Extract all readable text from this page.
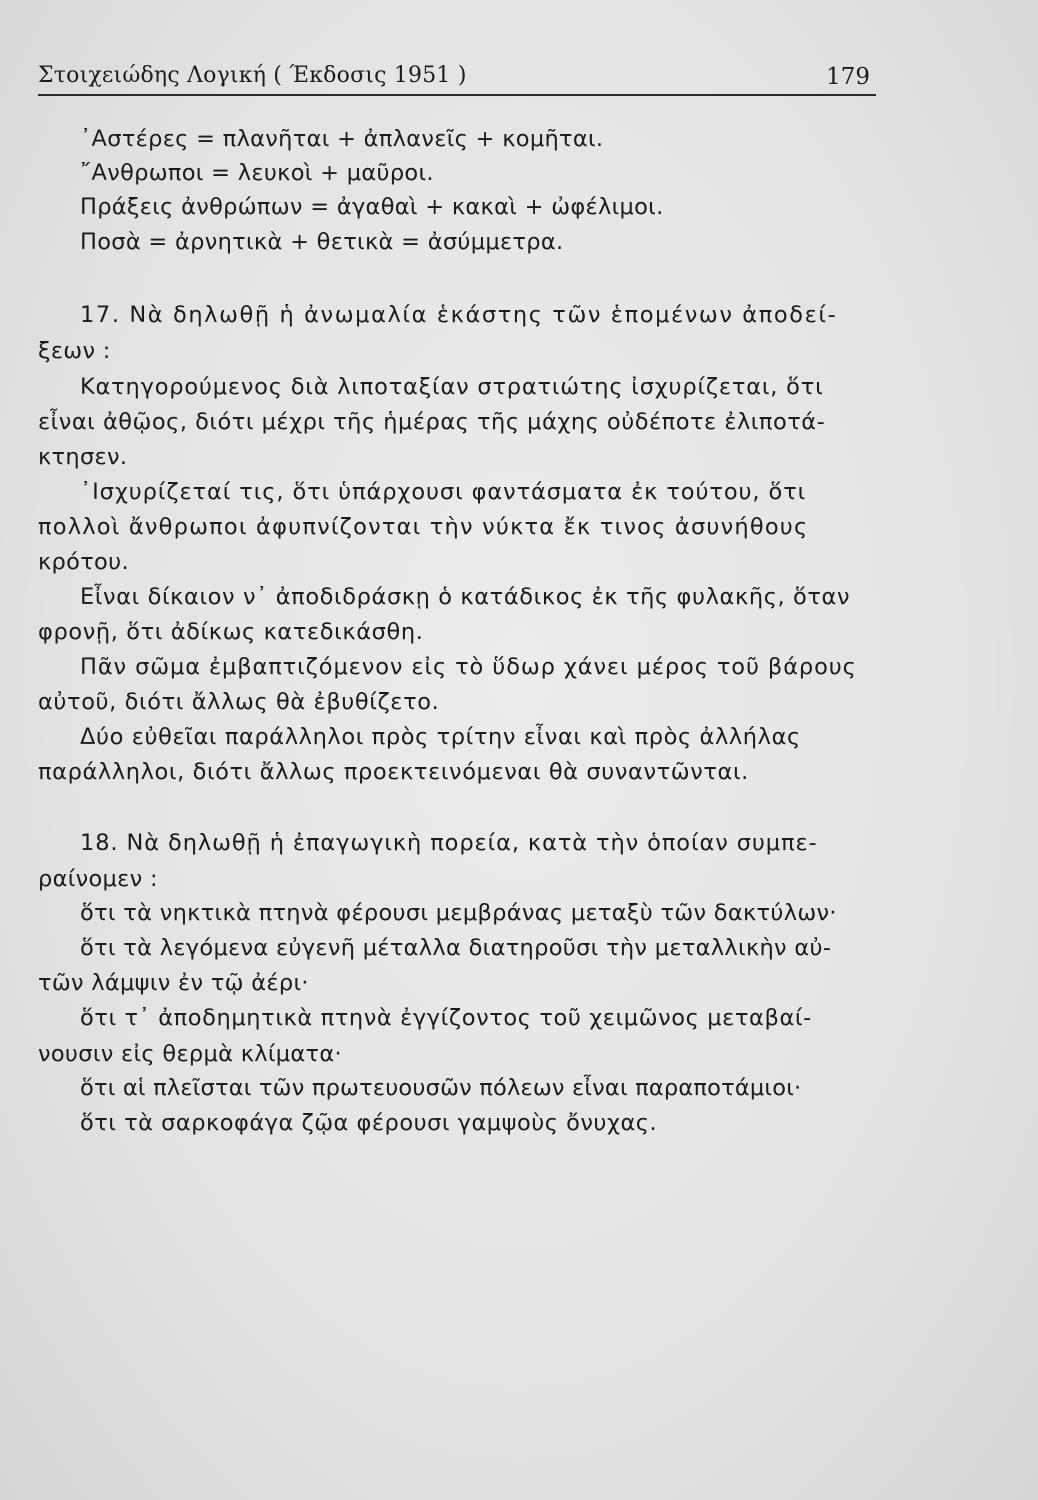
Στοιχειώδης Λογική ( Έκδοσις 1951 )	179
᾿Αστέρες = πλανῆται + ἀπλανεῖς + κομῆται.
῎Ανθρωποι = λευκοὶ + μαῦροι.
Πράξεις ἀνθρώπων = ἀγαθαὶ + κακαὶ + ὠφέλιμοι.
Ποσὰ = ἀρνητικὰ + θετικὰ = ἀσύμμετρα.
17. Νὰ δηλωθῇ ἡ ἀνωμαλία ἑκάστης τῶν ἑπομένων ἀποδεί-
ξεων :
Κατηγορούμενος διὰ λιποταξίαν στρατιώτης ἰσχυρίζεται, ὅτι
εἶναι ἀθῷος, διότι μέχρι τῆς ἡμέρας τῆς μάχης οὐδέποτε ἐλιποτά-
κτησεν.
᾿Ισχυρίζεταί τις, ὅτι ὑπάρχουσι φαντάσματα ἐκ τούτου, ὅτι
πολλοὶ ἄνθρωποι ἀφυπνίζονται τὴν νύκτα ἔκ τινος ἀσυνήθους
κρότου.
Εἶναι δίκαιον ν᾿ ἀποδιδράσκῃ ὁ κατάδικος ἐκ τῆς φυλακῆς, ὅταν
φρονῇ, ὅτι ἀδίκως κατεδικάσθη.
Πᾶν σῶμα ἐμβαπτιζόμενον εἰς τὸ ὕδωρ χάνει μέρος τοῦ βάρους
αὐτοῦ, διότι ἄλλως θὰ ἐβυθίζετο.
Δύο εὐθεῖαι παράλληλοι πρὸς τρίτην εἶναι καὶ πρὸς ἀλλήλας
παράλληλοι, διότι ἄλλως προεκτεινόμεναι θὰ συναντῶνται.
18. Νὰ δηλωθῇ ἡ ἐπαγωγικὴ πορεία, κατὰ τὴν ὁποίαν συμπε-
ραίνομεν :
ὅτι τὰ νηκτικὰ πτηνὰ φέρουσι μεμβράνας μεταξὺ τῶν δακτύλων·
ὅτι τὰ λεγόμενα εὐγενῆ μέταλλα διατηροῦσι τὴν μεταλλικὴν αὐ-
τῶν λάμψιν ἐν τῷ ἀέρι·
ὅτι τ᾿ ἀποδημητικὰ πτηνὰ ἐγγίζοντος τοῦ χειμῶνος μεταβαί-
νουσιν εἰς θερμὰ κλίματα·
ὅτι αἱ πλεῖσται τῶν πρωτευουσῶν πόλεων εἶναι παραποτάμιοι·
ὅτι τὰ σαρκοφάγα ζῷα φέρουσι γαμψοὺς ὄνυχας.
